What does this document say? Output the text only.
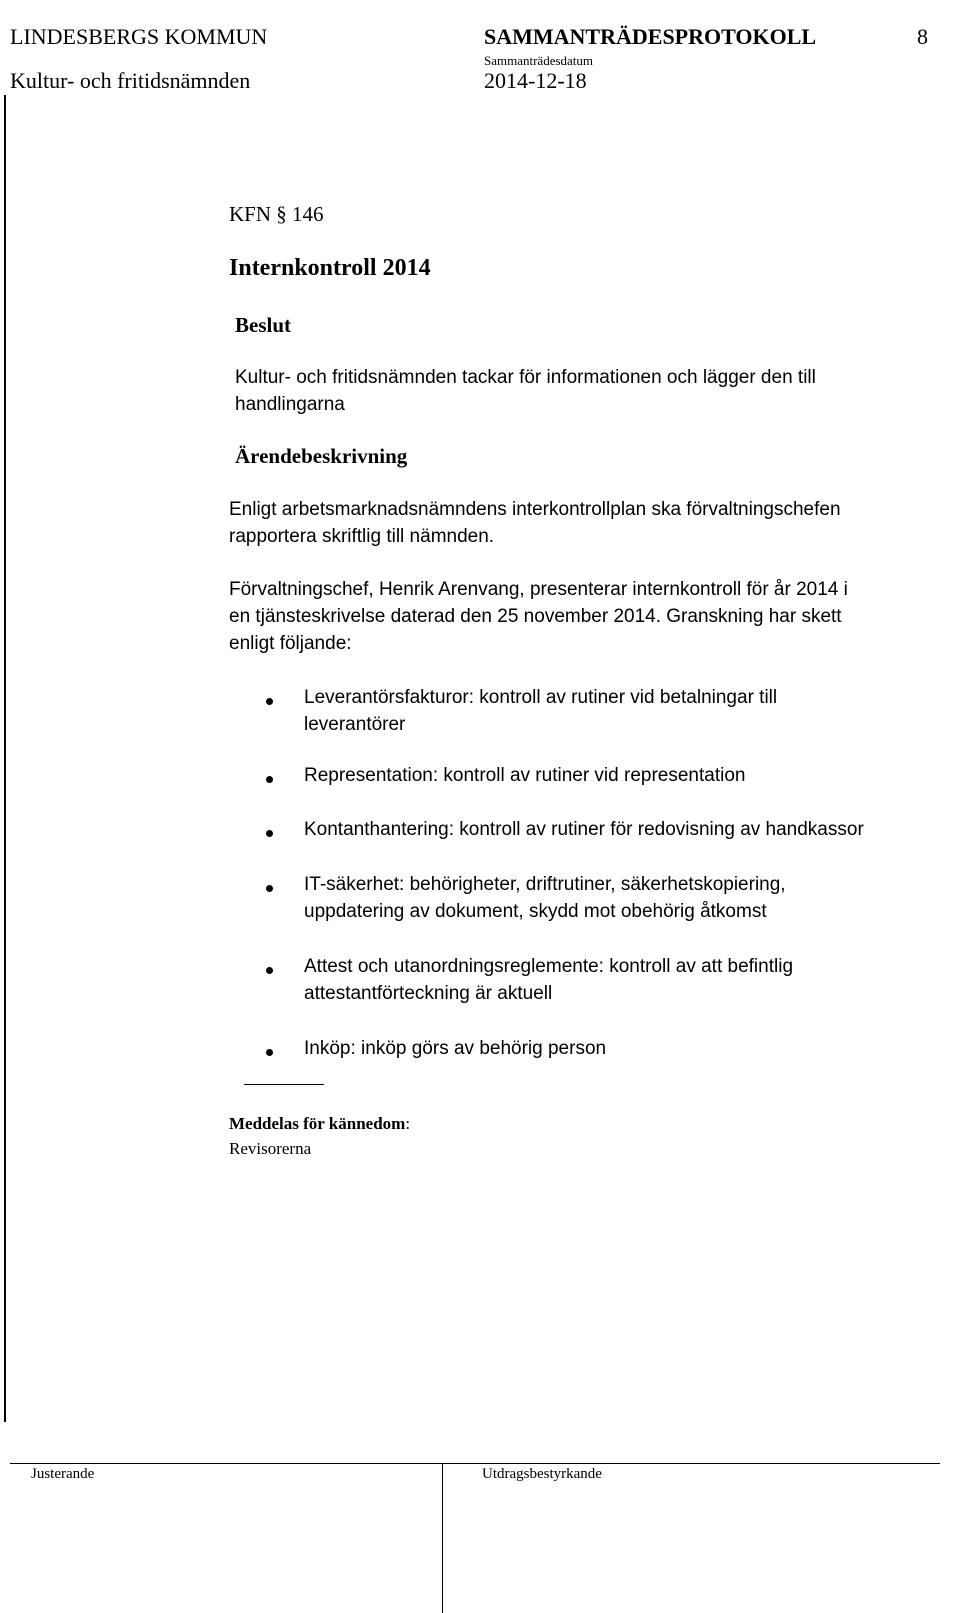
LINDESBERGS KOMMUN
Kultur- och fritidsnämnden
SAMMANTRÄDESPROTOKOLL
Sammanträdesdatum
2014-12-18
8
KFN § 146
Internkontroll 2014
Beslut
Kultur- och fritidsnämnden tackar för informationen och lägger den till
handlingarna
Ärendebeskrivning
Enligt arbetsmarknadsnämndens interkontrollplan ska förvaltningschefen
rapportera skriftlig till nämnden.
Förvaltningschef, Henrik Arenvang, presenterar internkontroll för år 2014 i
en tjänsteskrivelse daterad den 25 november 2014. Granskning har skett
enligt följande:
Leverantörsfakturor: kontroll av rutiner vid betalningar till
leverantörer
Representation: kontroll av rutiner vid representation
Kontanthantering: kontroll av rutiner för redovisning av handkassor
IT-säkerhet: behörigheter, driftrutiner, säkerhetskopiering,
uppdatering av dokument, skydd mot obehörig åtkomst
Attest och utanordningsreglemente: kontroll av att befintlig
attestantförteckning är aktuell
Inköp: inköp görs av behörig person
Meddelas för kännedom:
Revisorerna
Justerande	Utdragsbestyrkande
